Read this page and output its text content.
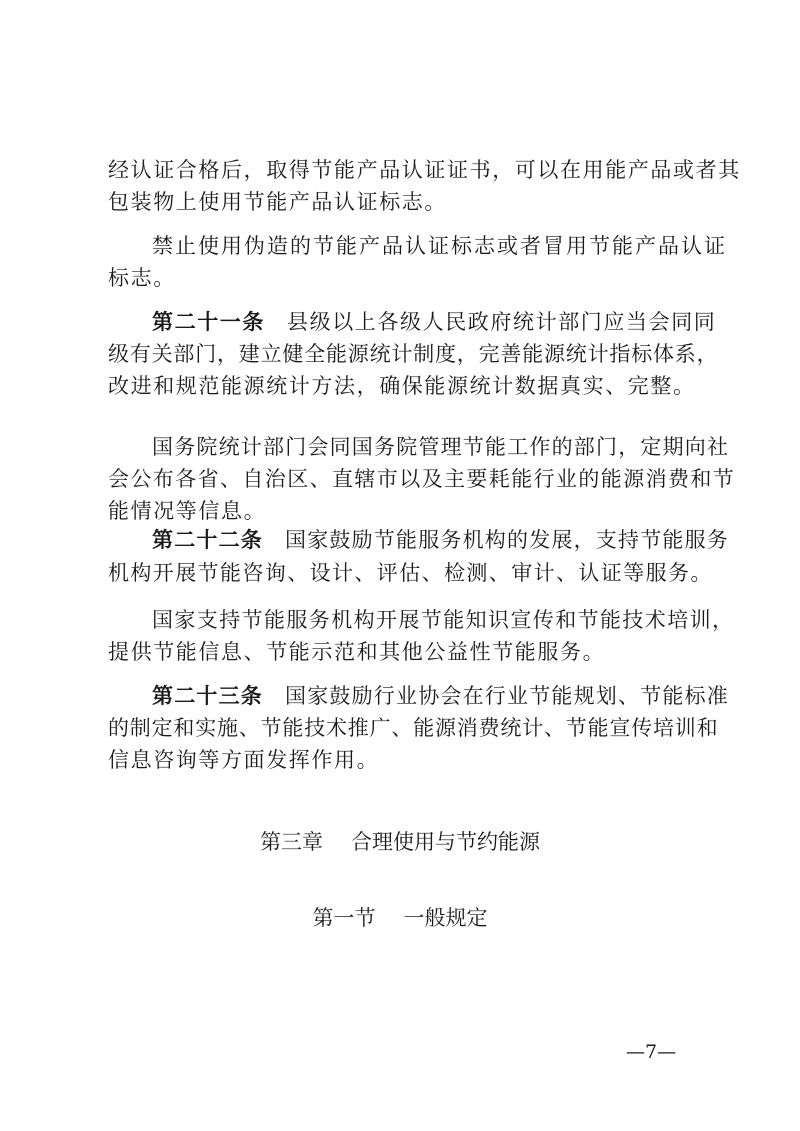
经认证合格后，取得节能产品认证证书，可以在用能产品或者其
包装物上使用节能产品认证标志。
禁止使用伪造的节能产品认证标志或者冒用节能产品认证
标志。
第二十一条 县级以上各级人民政府统计部门应当会同同
级有关部门，建立健全能源统计制度，完善能源统计指标体系，
改进和规范能源统计方法，确保能源统计数据真实、完整。
国务院统计部门会同国务院管理节能工作的部门，定期向社
会公布各省、自治区、直辖市以及主要耗能行业的能源消费和节
能情况等信息。
第二十二条 国家鼓励节能服务机构的发展，支持节能服务
机构开展节能咨询、设计、评估、检测、审计、认证等服务。
国家支持节能服务机构开展节能知识宣传和节能技术培训，
提供节能信息、节能示范和其他公益性节能服务。
第二十三条 国家鼓励行业协会在行业节能规划、节能标准
的制定和实施、节能技术推广、能源消费统计、节能宣传培训和
信息咨询等方面发挥作用。
第三章 合理使用与节约能源
第一节 一般规定
—7—
